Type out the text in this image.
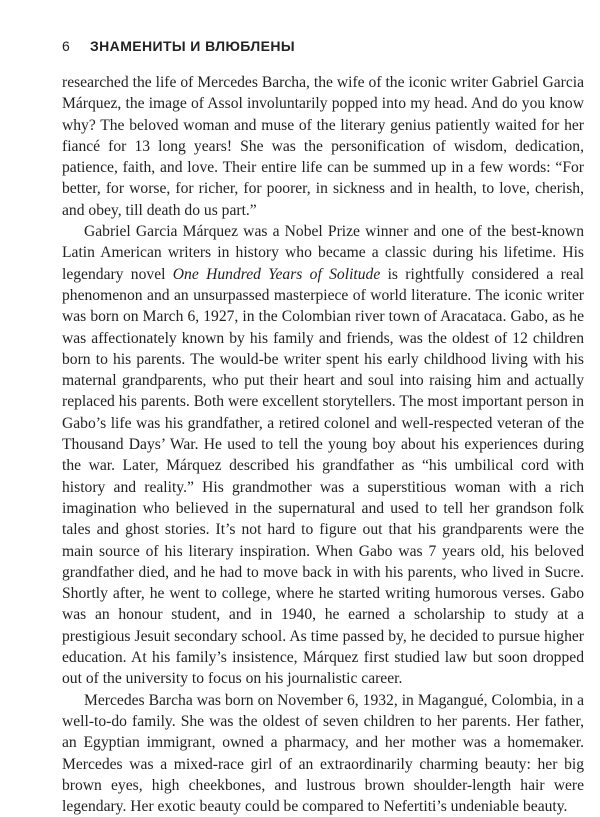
6 ЗНАМЕНИТЫ И ВЛЮБЛЕНЫ

researched the life of Mercedes Barcha, the wife of the iconic writer Gabriel Garcia Márquez, the image of Assol involuntarily popped into my head. And do you know why? The beloved woman and muse of the literary genius patiently waited for her fiancé for 13 long years! She was the personification of wisdom, dedication, patience, faith, and love. Their entire life can be summed up in a few words: “For better, for worse, for richer, for poorer, in sickness and in health, to love, cherish, and obey, till death do us part.”

Gabriel Garcia Márquez was a Nobel Prize winner and one of the best-known Latin American writers in history who became a classic during his lifetime. His legendary novel One Hundred Years of Solitude is rightfully considered a real phenomenon and an unsurpassed masterpiece of world literature. The iconic writer was born on March 6, 1927, in the Colombian river town of Aracataca. Gabo, as he was affectionately known by his family and friends, was the oldest of 12 children born to his parents. The would-be writer spent his early childhood living with his maternal grandparents, who put their heart and soul into raising him and actually replaced his parents. Both were excellent storytellers. The most important person in Gabo’s life was his grandfather, a retired colonel and well-respected veteran of the Thousand Days’ War. He used to tell the young boy about his experiences during the war. Later, Márquez described his grandfather as “his umbilical cord with history and reality.” His grandmother was a superstitious woman with a rich imagination who believed in the supernatural and used to tell her grandson folk tales and ghost stories. It’s not hard to figure out that his grandparents were the main source of his literary inspiration. When Gabo was 7 years old, his beloved grandfather died, and he had to move back in with his parents, who lived in Sucre. Shortly after, he went to college, where he started writing humorous verses. Gabo was an honour student, and in 1940, he earned a scholarship to study at a prestigious Jesuit secondary school. As time passed by, he decided to pursue higher education. At his family’s insistence, Márquez first studied law but soon dropped out of the university to focus on his journalistic career.

Mercedes Barcha was born on November 6, 1932, in Magangué, Colombia, in a well-to-do family. She was the oldest of seven children to her parents. Her father, an Egyptian immigrant, owned a pharmacy, and her mother was a homemaker. Mercedes was a mixed-race girl of an extraordinarily charming beauty: her big brown eyes, high cheekbones, and lustrous brown shoulder-length hair were legendary. Her exotic beauty could be compared to Nefertiti’s undeniable beauty.
